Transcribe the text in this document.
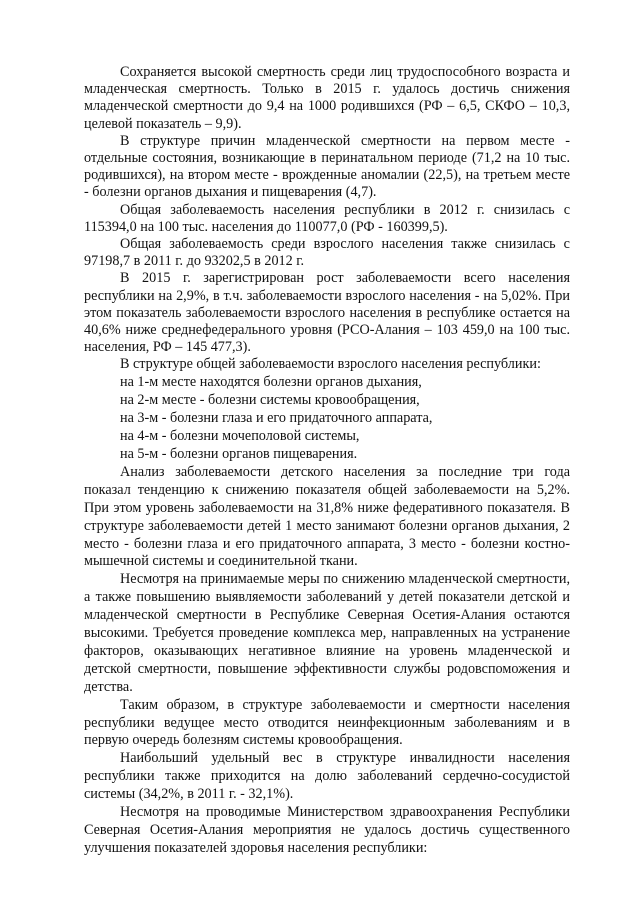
Сохраняется высокой смертность среди лиц трудоспособного возраста и младенческая смертность. Только в 2015 г. удалось достичь снижения младенческой смертности до 9,4 на 1000 родившихся (РФ – 6,5, СКФО – 10,3, целевой показатель – 9,9).

В структуре причин младенческой смертности на первом месте - отдельные состояния, возникающие в перинатальном периоде (71,2 на 10 тыс. родившихся), на втором месте - врожденные аномалии (22,5), на третьем месте - болезни органов дыхания и пищеварения (4,7).

Общая заболеваемость населения республики в 2012 г. снизилась с 115394,0 на 100 тыс. населения до 110077,0 (РФ - 160399,5).

Общая заболеваемость среди взрослого населения также снизилась с 97198,7 в 2011 г. до 93202,5 в 2012 г.

В 2015 г. зарегистрирован рост заболеваемости всего населения республики на 2,9%, в т.ч. заболеваемости взрослого населения - на 5,02%. При этом показатель заболеваемости взрослого населения в республике остается на 40,6% ниже среднефедерального уровня (РСО-Алания – 103 459,0 на 100 тыс. населения, РФ – 145 477,3).

В структуре общей заболеваемости взрослого населения республики:

на 1-м месте находятся болезни органов дыхания,

на 2-м месте - болезни системы кровообращения,

на 3-м - болезни глаза и его придаточного аппарата,

на 4-м - болезни мочеполовой системы,

на 5-м - болезни органов пищеварения.

Анализ заболеваемости детского населения за последние три года показал тенденцию к снижению показателя общей заболеваемости на 5,2%. При этом уровень заболеваемости на 31,8% ниже федеративного показателя. В структуре заболеваемости детей 1 место занимают болезни органов дыхания, 2 место - болезни глаза и его придаточного аппарата, 3 место - болезни костно-мышечной системы и соединительной ткани.

Несмотря на принимаемые меры по снижению младенческой смертности, а также повышению выявляемости заболеваний у детей показатели детской и младенческой смертности в Республике Северная Осетия-Алания остаются высокими. Требуется проведение комплекса мер, направленных на устранение факторов, оказывающих негативное влияние на уровень младенческой и детской смертности, повышение эффективности службы родовспоможения и детства.

Таким образом, в структуре заболеваемости и смертности населения республики ведущее место отводится неинфекционным заболеваниям и в первую очередь болезням системы кровообращения.

Наибольший удельный вес в структуре инвалидности населения республики также приходится на долю заболеваний сердечно-сосудистой системы (34,2%, в 2011 г. - 32,1%).

Несмотря на проводимые Министерством здравоохранения Республики Северная Осетия-Алания мероприятия не удалось достичь существенного улучшения показателей здоровья населения республики:
